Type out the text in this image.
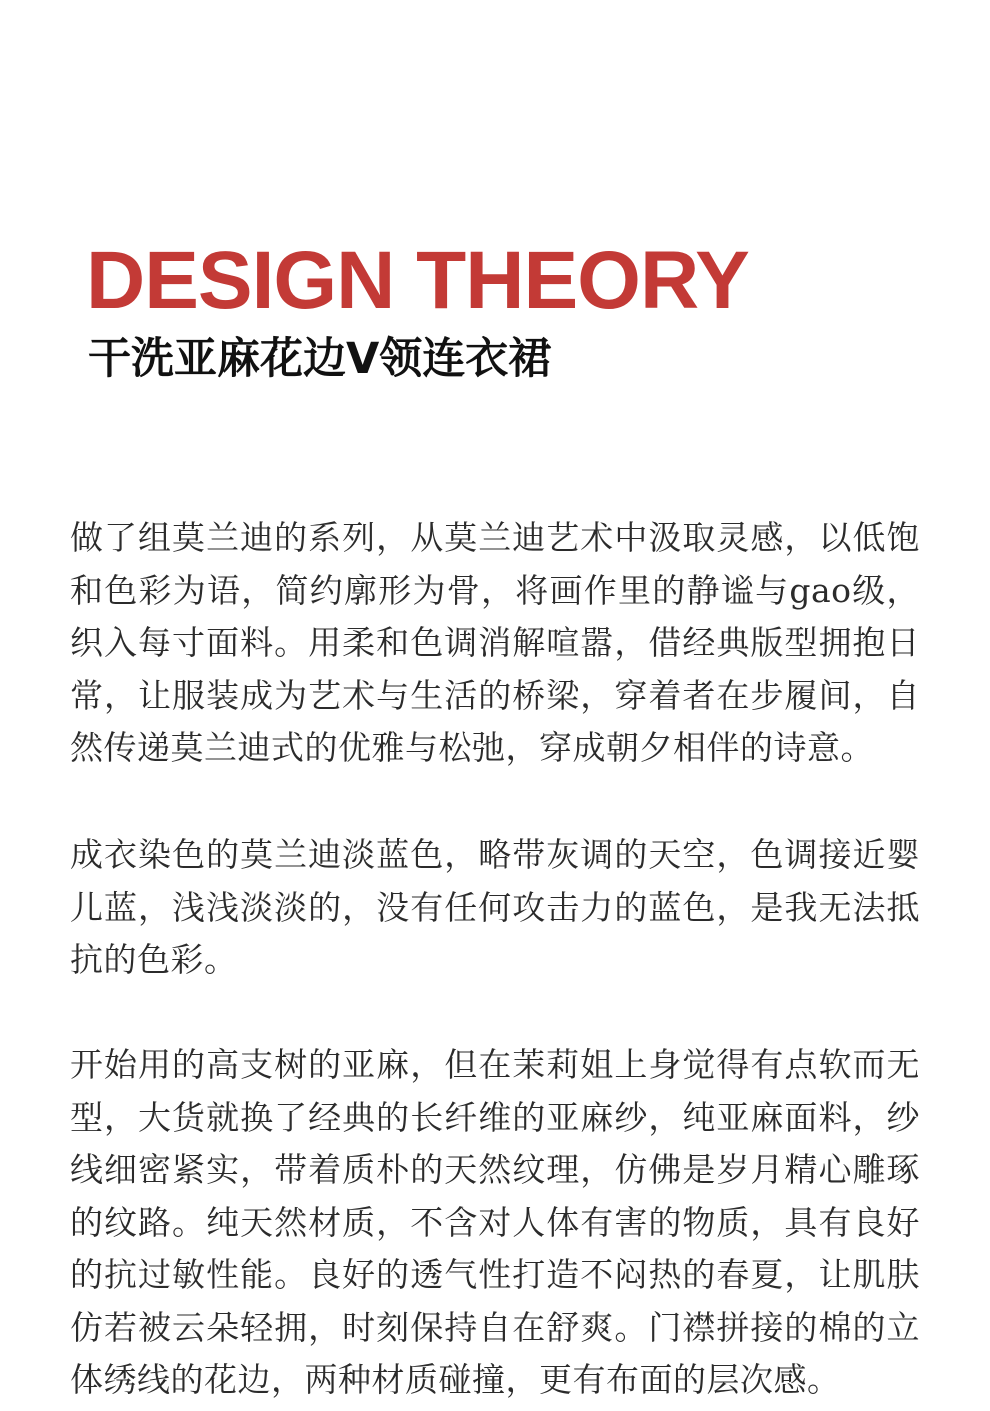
DESIGN THEORY
干洗亚麻花边V领连衣裙

做了组莫兰迪的系列，从莫兰迪艺术中汲取灵感，以低饱和色彩为语，简约廓形为骨，将画作里的静谧与gao级，织入每寸面料。用柔和色调消解喧嚣，借经典版型拥抱日常，让服装成为艺术与生活的桥梁，穿着者在步履间，自然传递莫兰迪式的优雅与松弛，穿成朝夕相伴的诗意。

成衣染色的莫兰迪淡蓝色，略带灰调的天空，色调接近婴儿蓝，浅浅淡淡的，没有任何攻击力的蓝色，是我无法抵抗的色彩。

开始用的高支树的亚麻，但在茉莉姐上身觉得有点软而无型，大货就换了经典的长纤维的亚麻纱，纯亚麻面料，纱线细密紧实，带着质朴的天然纹理，仿佛是岁月精心雕琢的纹路。纯天然材质，不含对人体有害的物质，具有良好的抗过敏性能。良好的透气性打造不闷热的春夏，让肌肤仿若被云朵轻拥，时刻保持自在舒爽。门襟拼接的棉的立体绣线的花边，两种材质碰撞，更有布面的层次感。
